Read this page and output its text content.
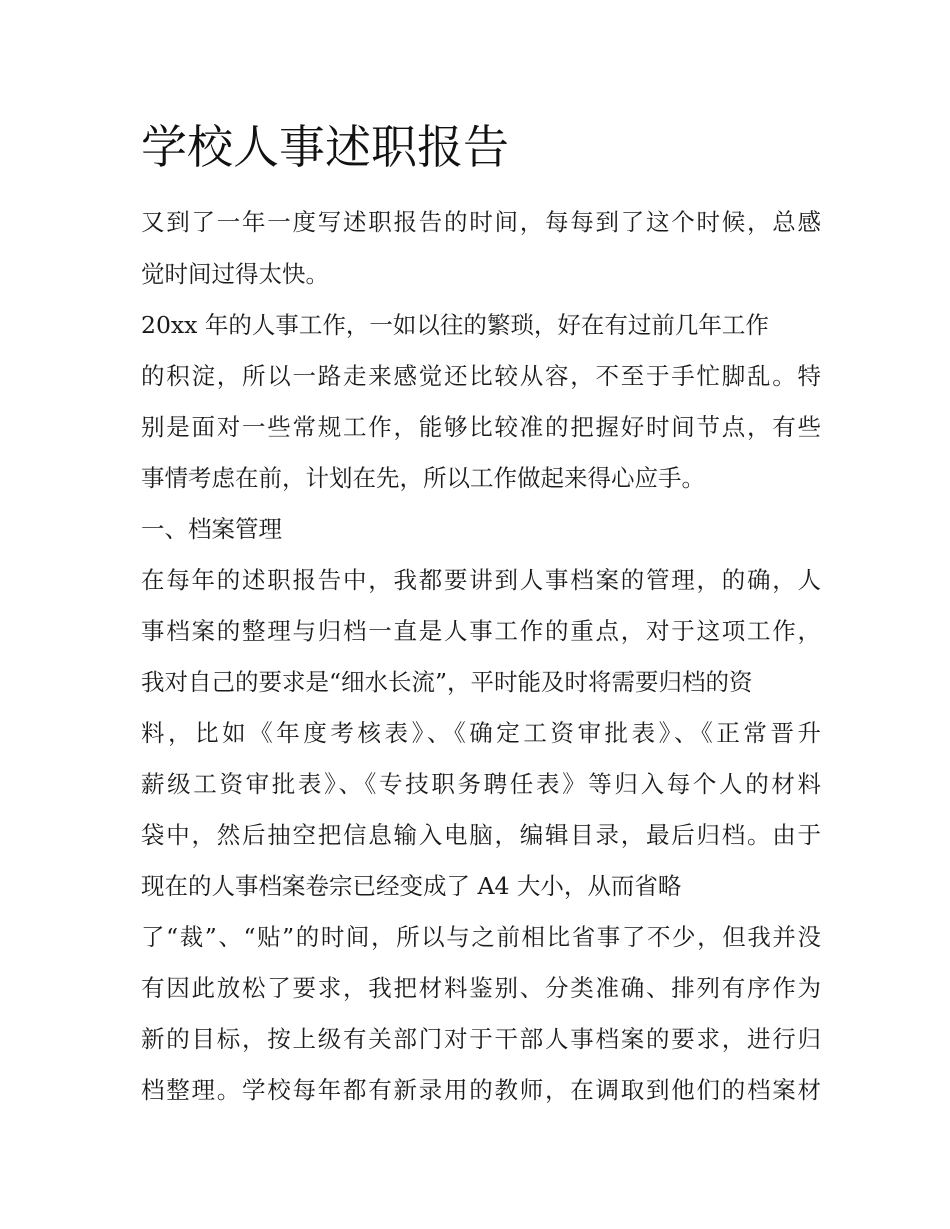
学校人事述职报告

又到了一年一度写述职报告的时间，每每到了这个时候，总感

觉时间过得太快。

20xx 年的人事工作，一如以往的繁琐，好在有过前几年工作

的积淀，所以一路走来感觉还比较从容，不至于手忙脚乱。特

别是面对一些常规工作，能够比较准的把握好时间节点，有些

事情考虑在前，计划在先，所以工作做起来得心应手。

一、档案管理

在每年的述职报告中，我都要讲到人事档案的管理，的确，人

事档案的整理与归档一直是人事工作的重点，对于这项工作，

我对自己的要求是“细水长流”，平时能及时将需要归档的资

料，比如《年度考核表》、《确定工资审批表》、《正常晋升

薪级工资审批表》、《专技职务聘任表》等归入每个人的材料

袋中，然后抽空把信息输入电脑，编辑目录，最后归档。由于

现在的人事档案卷宗已经变成了 A4 大小，从而省略

了“裁”、“贴”的时间，所以与之前相比省事了不少，但我并没

有因此放松了要求，我把材料鉴别、分类准确、排列有序作为

新的目标，按上级有关部门对于干部人事档案的要求，进行归

档整理。学校每年都有新录用的教师，在调取到他们的档案材
